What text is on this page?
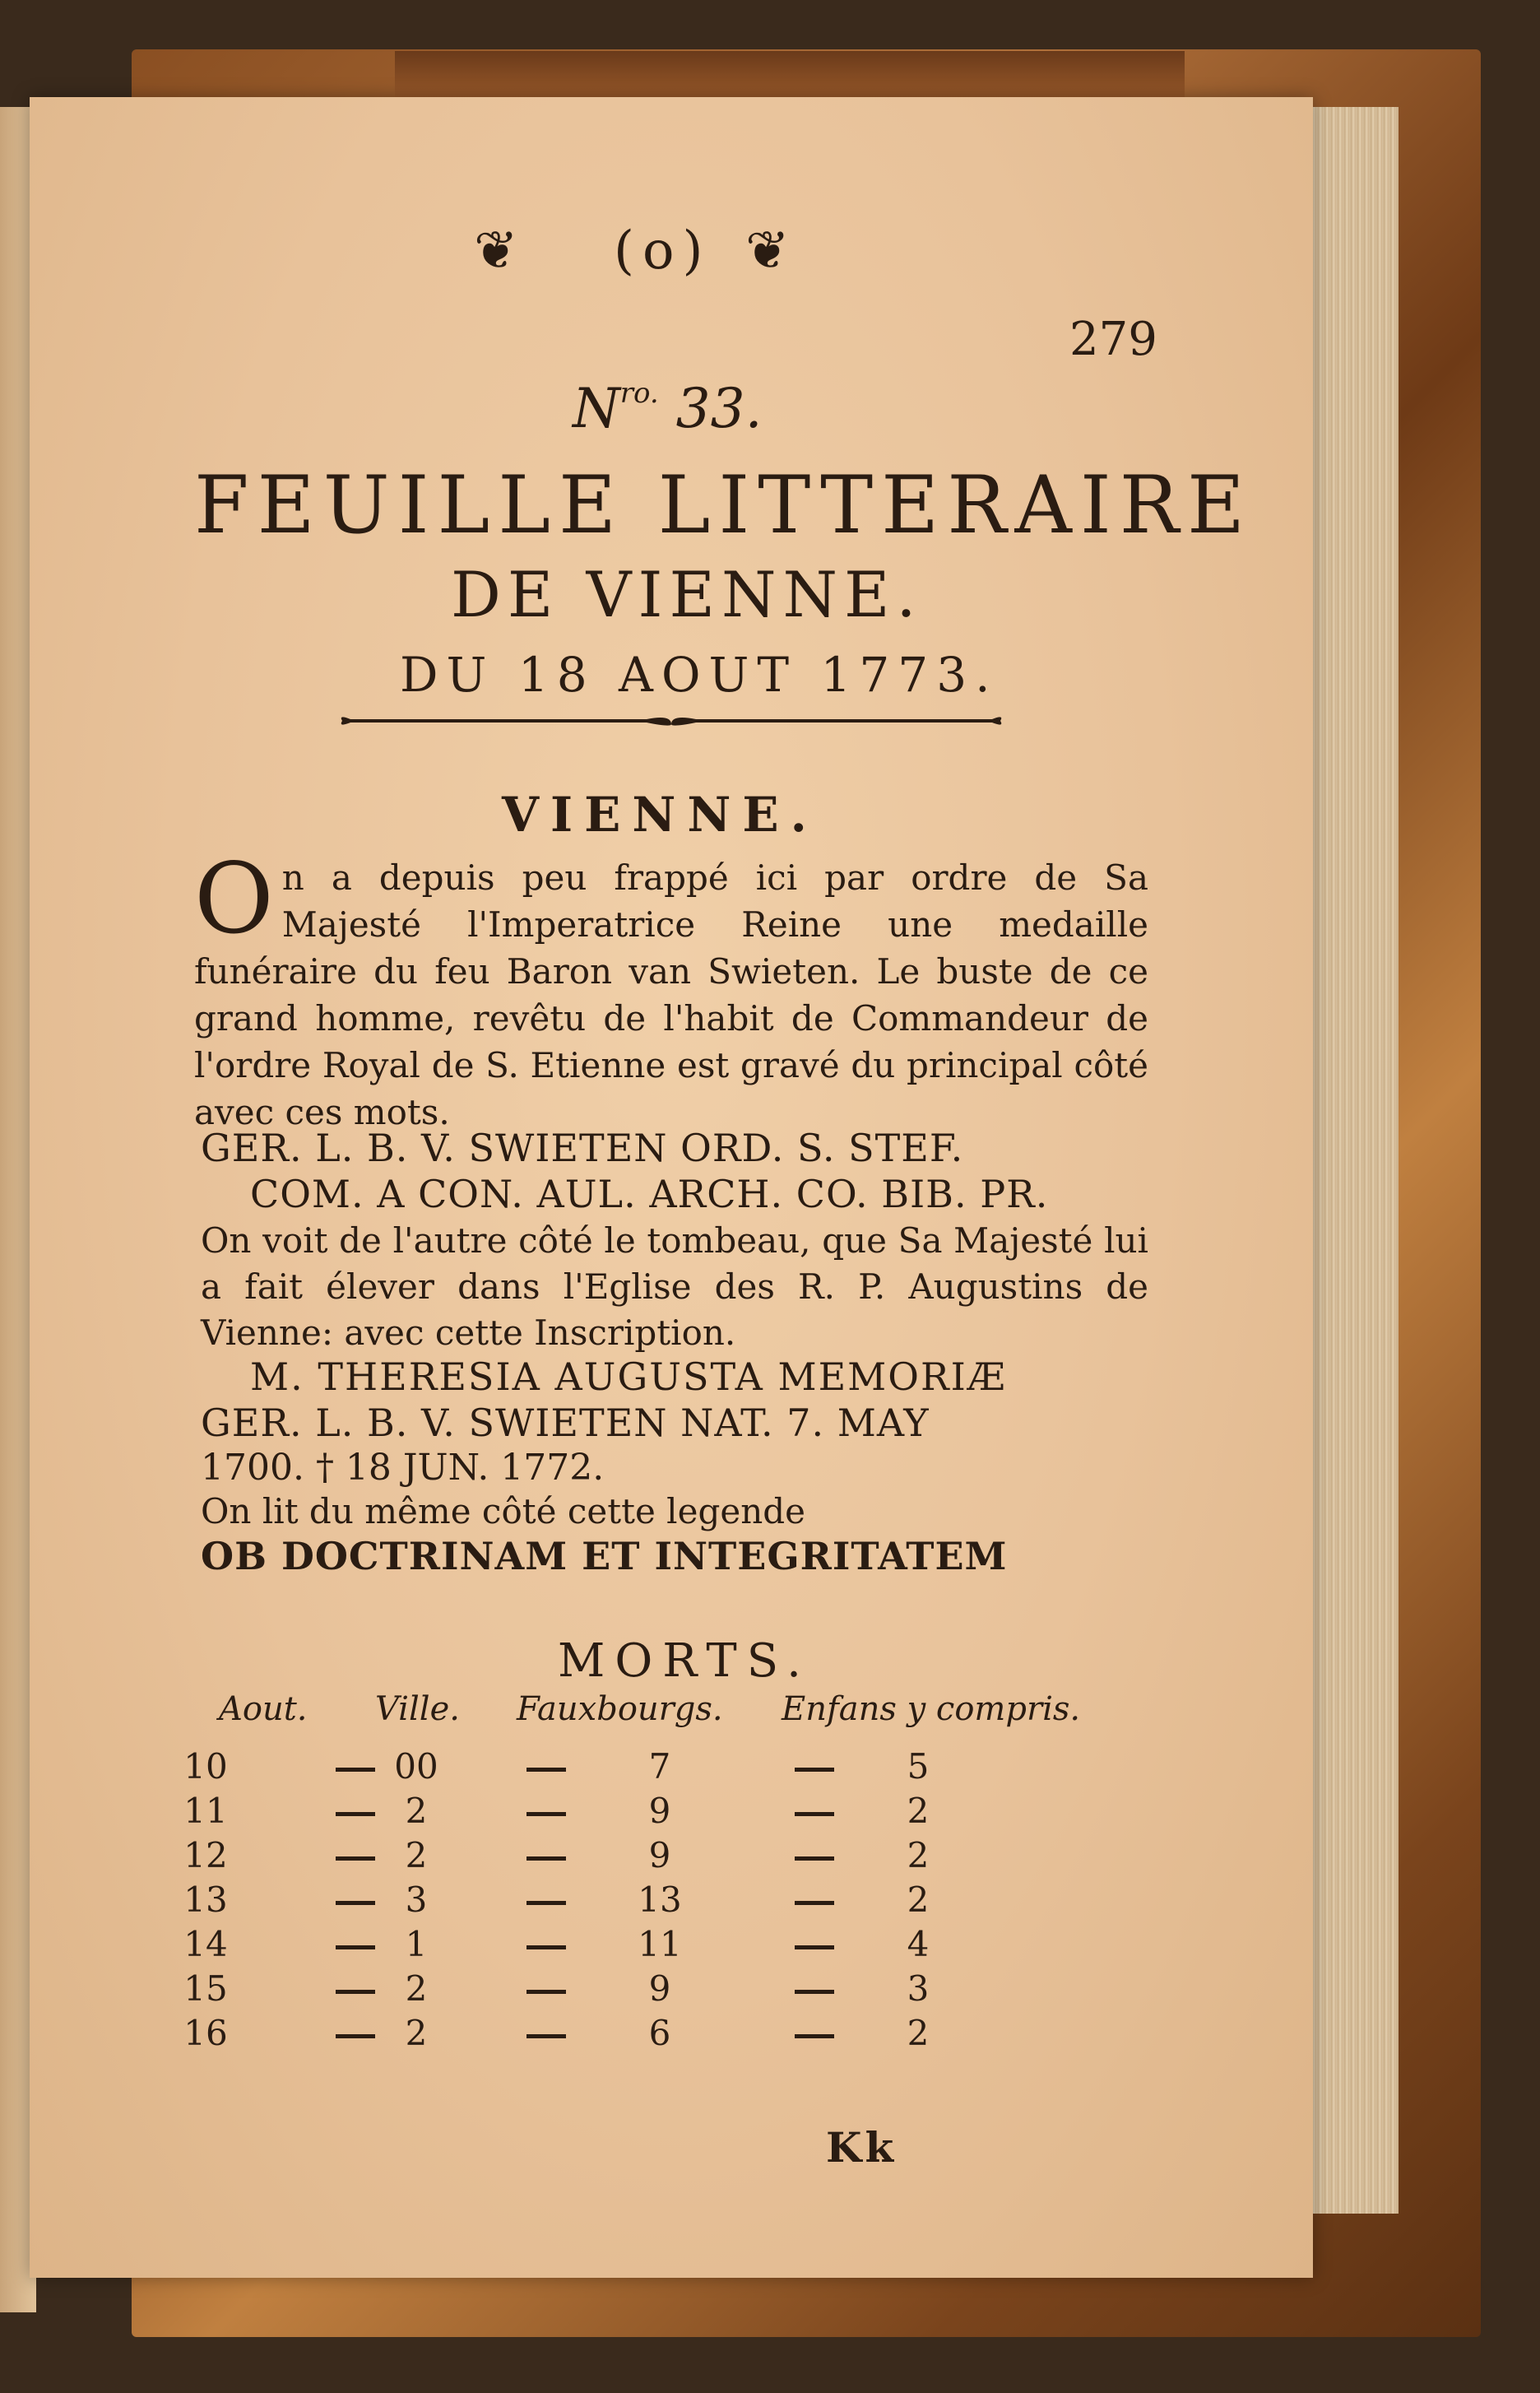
❦ (o) ❦
279
$N^{ro.}$ 33.
FEUILLE LITTERAIRE
DE VIENNE.
DU 18 AOUT 1773.
VIENNE.
On a depuis peu frappé ici par ordre de Sa Majesté l'Imperatrice Reine une medaille funéraire du feu Baron van Swieten. Le buste de ce grand homme, revêtu de l'habit de Commandeur de l'ordre Royal de S. Etienne est gravé du principal côté avec ces mots.
GER. L. B. V. SWIETEN ORD. S. STEF.
COM. A CON. AUL. ARCH. CO. BIB. PR.
On voit de l'autre côté le tombeau, que Sa Majesté lui a fait élever dans l'Eglise des R. P. Augustins de Vienne: avec cette Inscription.
M. THERESIA AUGUSTA MEMORIÆ
GER. L. B. V. SWIETEN NAT. 7. MAY
1700. † 18 JUN. 1772.
On lit du même côté cette legende
OB DOCTRINAM ET INTEGRITATEM
MORTS.
Aout. Ville. Fauxbourgs. Enfans y compris.
10	00	7	5
11	2	9	2
12	2	9	2
13	3	13	2
14	1	11	4
15	2	9	3
16	2	6	2
Kk
